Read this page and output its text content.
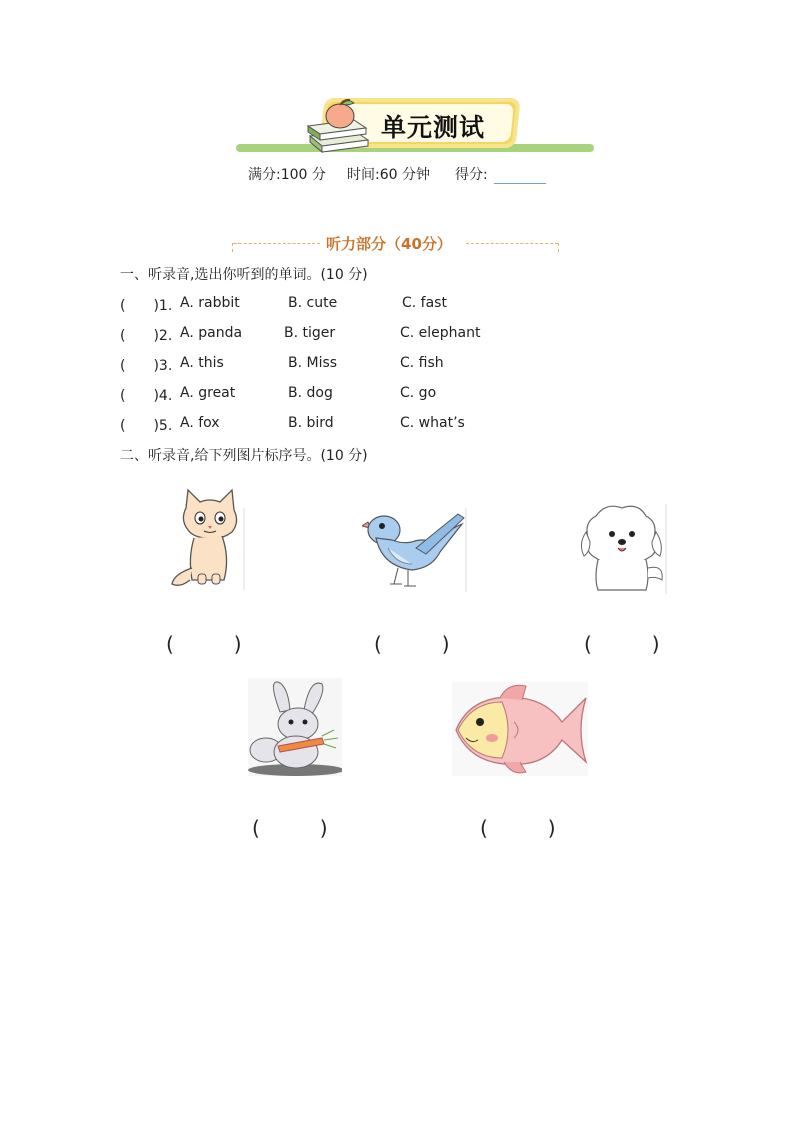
单元测试
满分:100 分 时间:60 分钟 得分:
听力部分（40分）
一、听录音,选出你听到的单词。(10 分)
(　　)1. A. rabbit	B. cute	C. fast
(　　)2. A. panda	B. tiger	C. elephant
(　　)3. A. this	B. Miss	C. fish
(　　)4. A. great	B. dog	C. go
(　　)5. A. fox	B. bird	C. what’s
二、听录音,给下列图片标序号。(10 分)
(　　　)	(　　　)	(　　　)
(　　　)	(　　　)
